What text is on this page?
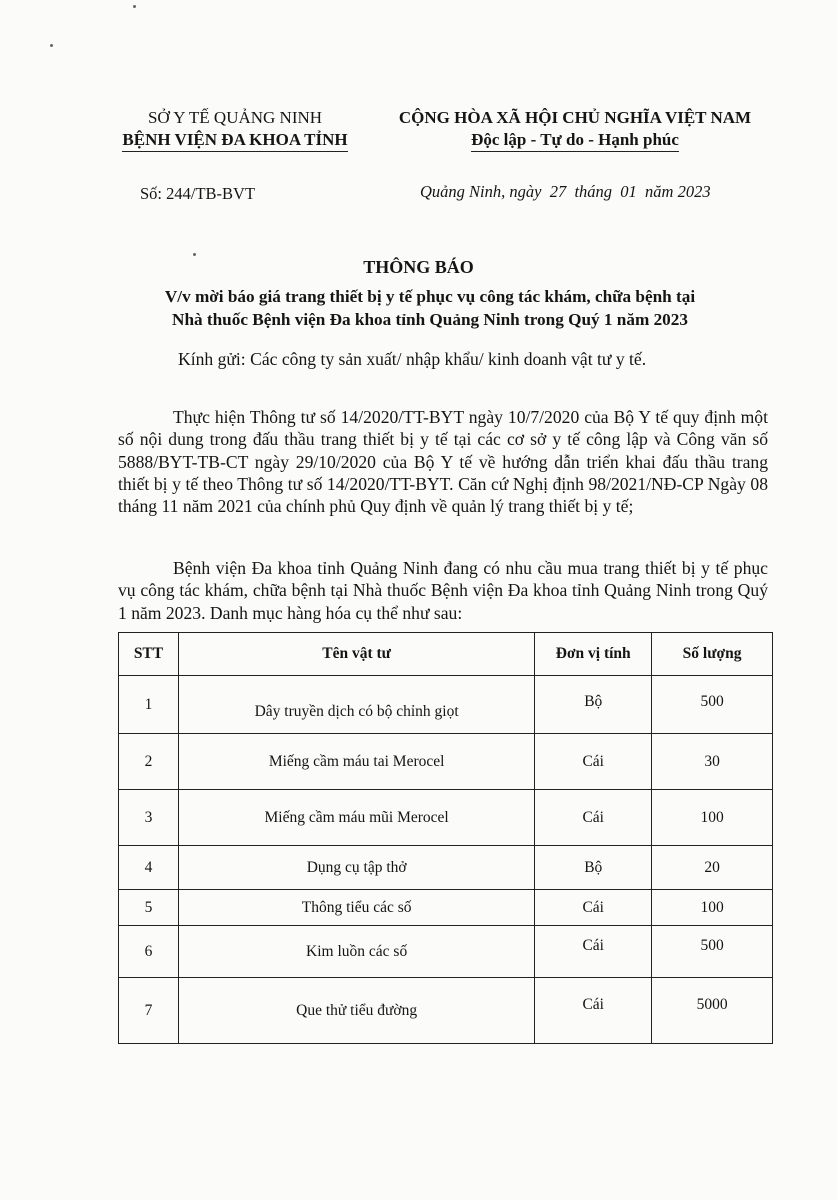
SỞ Y TẾ QUẢNG NINH
BỆNH VIỆN ĐA KHOA TỈNH
Số: 244/TB-BVT
CỘNG HÒA XÃ HỘI CHỦ NGHĨA VIỆT NAM
Độc lập - Tự do - Hạnh phúc
Quảng Ninh, ngày  27  tháng  01  năm 2023
THÔNG BÁO
V/v mời báo giá trang thiết bị y tế phục vụ công tác khám, chữa bệnh tại
Nhà thuốc Bệnh viện Đa khoa tỉnh Quảng Ninh trong Quý 1 năm 2023
Kính gửi: Các công ty sản xuất/ nhập khẩu/ kinh doanh vật tư y tế.

Thực hiện Thông tư số 14/2020/TT-BYT ngày 10/7/2020 của Bộ Y tế quy định một số nội dung trong đấu thầu trang thiết bị y tế tại các cơ sở y tế công lập và Công văn số 5888/BYT-TB-CT ngày 29/10/2020 của Bộ Y tế về hướng dẫn triển khai đấu thầu trang thiết bị y tế theo Thông tư số 14/2020/TT-BYT. Căn cứ Nghị định 98/2021/NĐ-CP Ngày 08 tháng 11 năm 2021 của chính phủ Quy định về quản lý trang thiết bị y tế;

Bệnh viện Đa khoa tỉnh Quảng Ninh đang có nhu cầu mua trang thiết bị y tế phục vụ công tác khám, chữa bệnh tại Nhà thuốc Bệnh viện Đa khoa tỉnh Quảng Ninh trong Quý 1 năm 2023. Danh mục hàng hóa cụ thể như sau:

STT	Tên vật tư	Đơn vị tính	Số lượng
1	Dây truyền dịch có bộ chỉnh giọt	Bộ	500
2	Miếng cầm máu tai Merocel	Cái	30
3	Miếng cầm máu mũi Merocel	Cái	100
4	Dụng cụ tập thở	Bộ	20
5	Thông tiểu các số	Cái	100
6	Kim luồn các số	Cái	500
7	Que thử tiểu đường	Cái	5000
